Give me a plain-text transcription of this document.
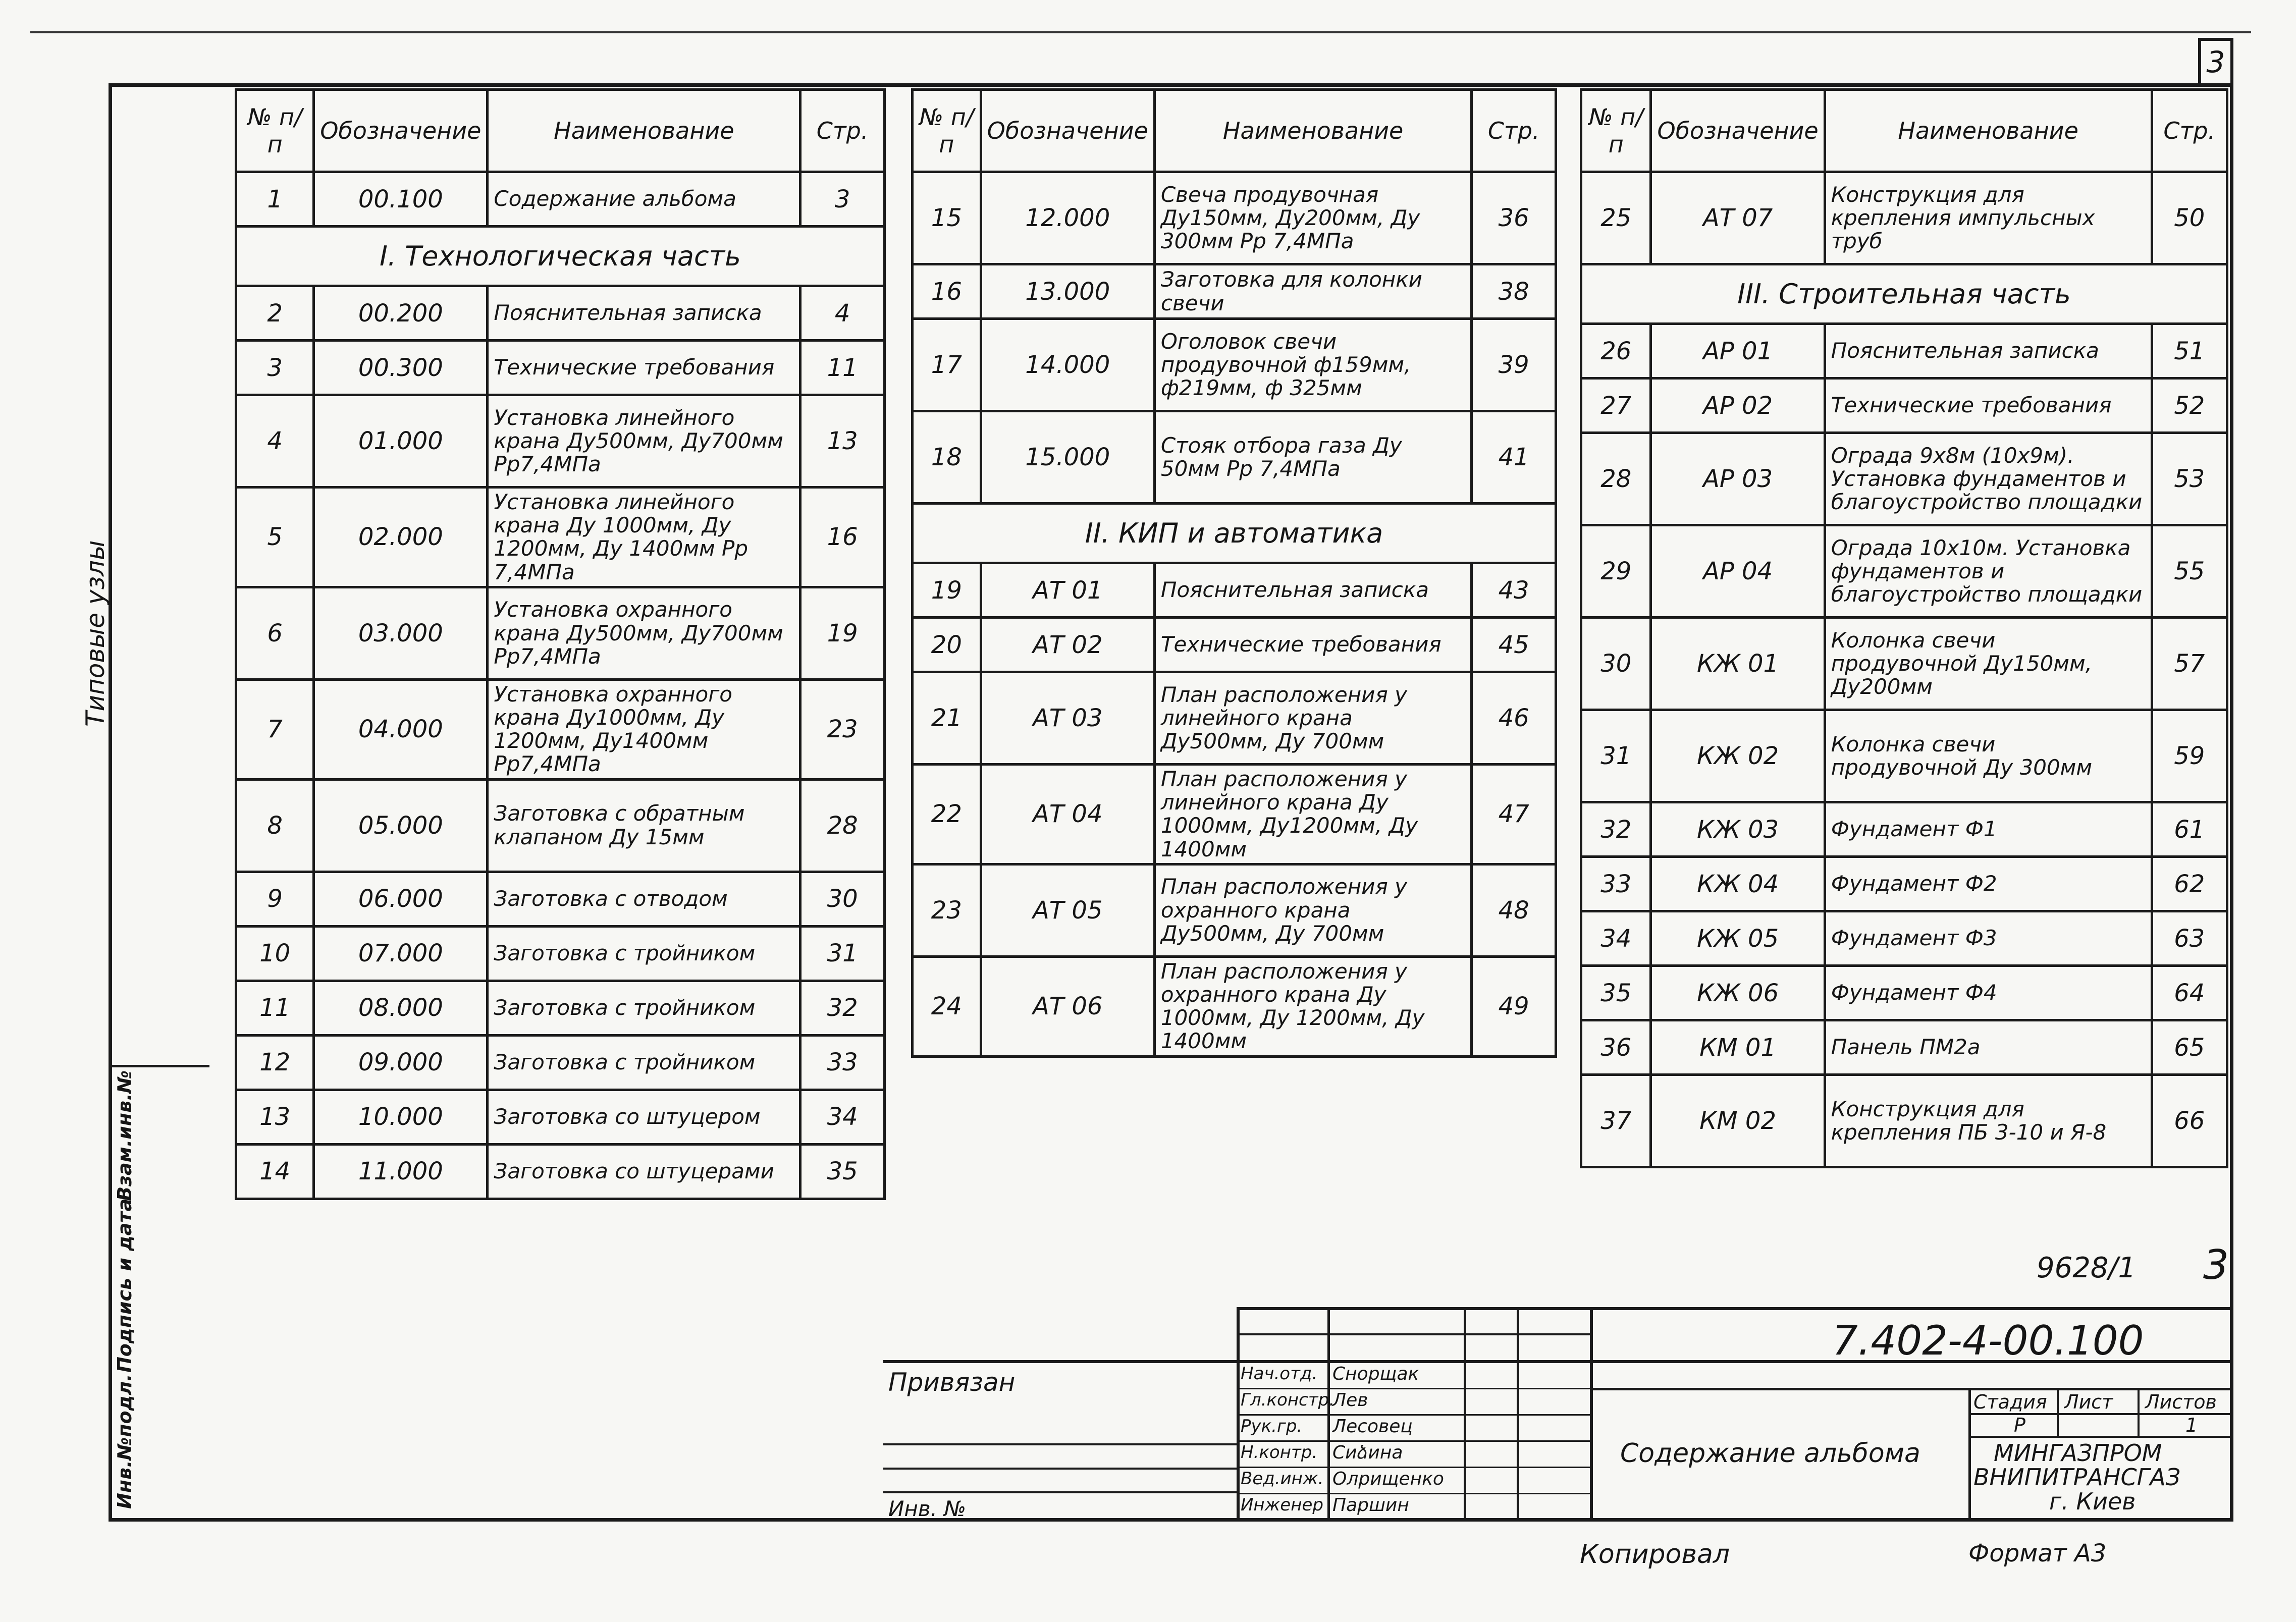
3
Типовые узлы
Инв.№подл.
Подпись и дата
Взам.инв.№
№ п/п	Обозначение	Наименование	Стр.
1	00.100	Содержание альбома	3
I. Технологическая часть			
2	00.200	Пояснительная записка	4
3	00.300	Технические требования	11
4	01.000	Установка линейного крана Ду500мм, Ду700мм Рр7,4МПа	13
5	02.000	Установка линейного крана Ду 1000мм, Ду 1200мм, Ду 1400мм Рр 7,4МПа	16
6	03.000	Установка охранного крана Ду500мм, Ду700мм Рр7,4МПа	19
7	04.000	Установка охранного крана Ду1000мм, Ду 1200мм, Ду1400мм Рр7,4МПа	23
8	05.000	Заготовка с обратным клапаном Ду 15мм	28
9	06.000	Заготовка с отводом	30
10	07.000	Заготовка с тройником	31
11	08.000	Заготовка с тройником	32
12	09.000	Заготовка с тройником	33
13	10.000	Заготовка со штуцером	34
14	11.000	Заготовка со штуцерами	35
№ п/п	Обозначение	Наименование	Стр.
15	12.000	Свеча продувочная Ду150мм, Ду200мм, Ду 300мм Рр 7,4МПа	36
16	13.000	Заготовка для колонки свечи	38
17	14.000	Оголовок свечи продувочной ф159мм, ф219мм, ф 325мм	39
18	15.000	Стояк отбора газа Ду 50мм Рр 7,4МПа	41
II. КИП и автоматика			
19	АТ 01	Пояснительная записка	43
20	АТ 02	Технические требования	45
21	АТ 03	План расположения у линейного крана Ду500мм, Ду 700мм	46
22	АТ 04	План расположения у линейного крана Ду 1000мм, Ду1200мм, Ду 1400мм	47
23	АТ 05	План расположения у охранного крана Ду500мм, Ду 700мм	48
24	АТ 06	План расположения у охранного крана Ду 1000мм, Ду 1200мм, Ду 1400мм	49
№ п/п	Обозначение	Наименование	Стр.
25	АТ 07	Конструкция для крепления импульсных труб	50
III. Строительная часть			
26	АР 01	Пояснительная записка	51
27	АР 02	Технические требования	52
28	АР 03	Ограда 9х8м (10х9м). Установка фундаментов и благоустройство площадки	53
29	АР 04	Ограда 10х10м. Установка фундаментов и благоустройство площадки	55
30	КЖ 01	Колонка свечи продувочной Ду150мм, Ду200мм	57
31	КЖ 02	Колонка свечи продувочной Ду 300мм	59
32	КЖ 03	Фундамент Ф1	61
33	КЖ 04	Фундамент Ф2	62
34	КЖ 05	Фундамент Ф3	63
35	КЖ 06	Фундамент Ф4	64
36	КМ 01	Панель ПМ2а	65
37	КМ 02	Конструкция для крепления ПБ 3-10 и Я-8	66
9628/1 3
Привязан
Инв. №
Нач.отд. Снорщак
Гл.констр.
Лев
Рук.гр. Лесовец
Н.контр. Сиձина
Вед.инж. Олрищенко
Инженер Паршин
7.402-4-00.100
Содержание альбома
Стадия Лист Листов
Р	1
МИНГАЗПРОМ
ВНИПИТРАНСГАЗ
г. Киев
Копировал	Формат А3
